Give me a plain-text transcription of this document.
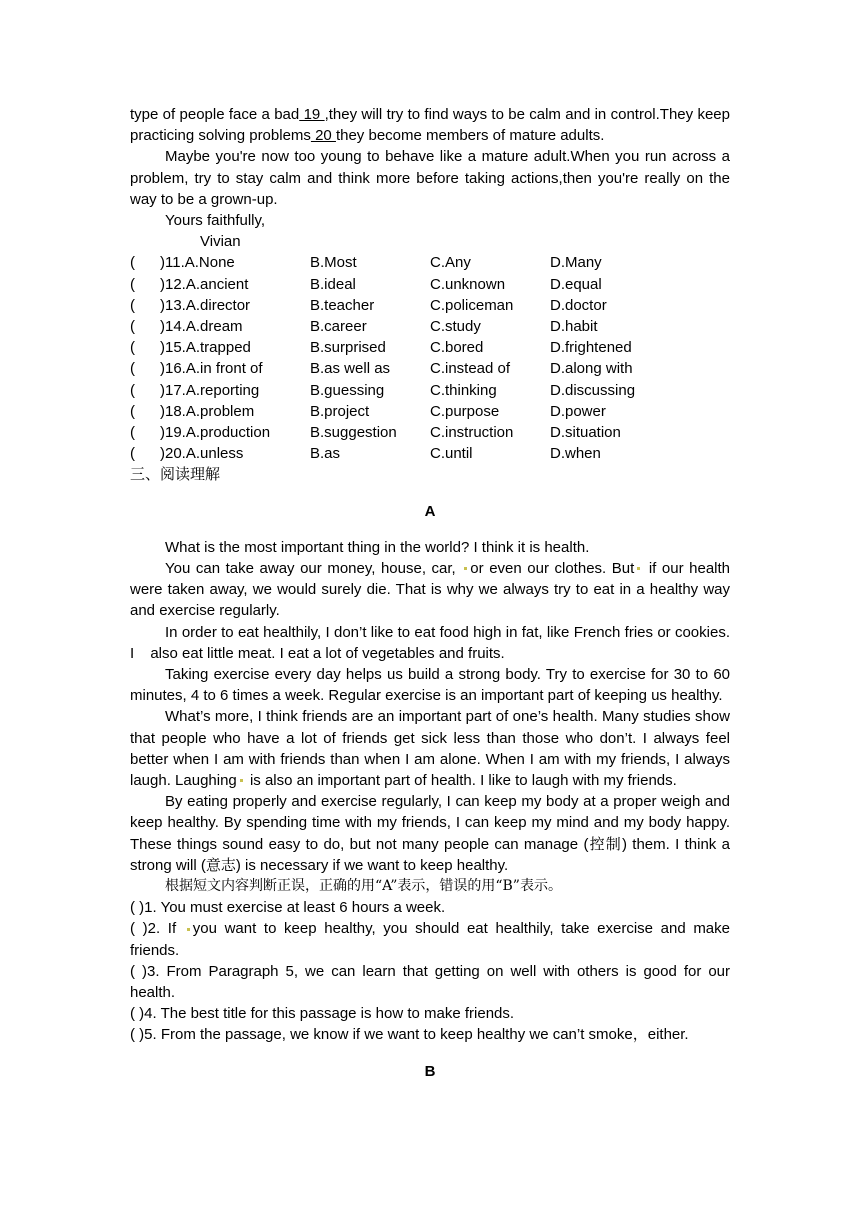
type of people face a bad 19 ,they will try to find ways to be calm and in control.They keep practicing solving problems 20 they become members of mature adults.

Maybe you're now too young to behave like a mature adult.When you run across a problem, try to stay calm and think more before taking actions,then you're really on the way to be a grown-up.

Yours faithfully,

Vivian

( )11.A.None	B.Most	C.Any	D.Many
( )12.A.ancient	B.ideal	C.unknown	D.equal
( )13.A.director	B.teacher	C.policeman D.doctor
( )14.A.dream	B.career	C.study	D.habit
( )15.A.trapped	B.surprised	C.bored	D.frightened
( )16.A.in front of	B.as well as	C.instead of	D.along with
( )17.A.reporting	B.guessing	C.thinking	D.discussing
( )18.A.problem	B.project	C.purpose	D.power
( )19.A.production	B.suggestion C.instruction D.situation
( )20.A.unless	B.as	C.until	D.when

三、阅读理解

A

What is the most important thing in the world? I think it is health.

You can take away our money, house, car, or even our clothes. But if our health were taken away, we would surely die. That is why we always try to eat in a healthy way and exercise regularly.

In order to eat healthily, I don’t like to eat food high in fat, like French fries or cookies. I also eat little meat. I eat a lot of vegetables and fruits.

Taking exercise every day helps us build a strong body. Try to exercise for 30 to 60 minutes, 4 to 6 times a week. Regular exercise is an important part of keeping us healthy.

What’s more, I think friends are an important part of one’s health. Many studies show that people who have a lot of friends get sick less than those who don’t. I always feel better when I am with friends than when I am alone. When I am with my friends, I always laugh. Laughing is also an important part of health. I like to laugh with my friends.

By eating properly and exercise regularly, I can keep my body at a proper weigh and keep healthy. By spending time with my friends, I can keep my mind and my body happy. These things sound easy to do, but not many people can manage (控制) them. I think a strong will (意志) is necessary if we want to keep healthy.

根据短文内容判断正误，正确的用“A”表示，错误的用“B”表示。

( )1. You must exercise at least 6 hours a week.

( )2. If you want to keep healthy, you should eat healthily, take exercise and make friends.

( )3. From Paragraph 5, we can learn that getting on well with others is good for our health.

( )4. The best title for this passage is how to make friends.

( )5. From the passage, we know if we want to keep healthy we can’t smoke，either.

B
